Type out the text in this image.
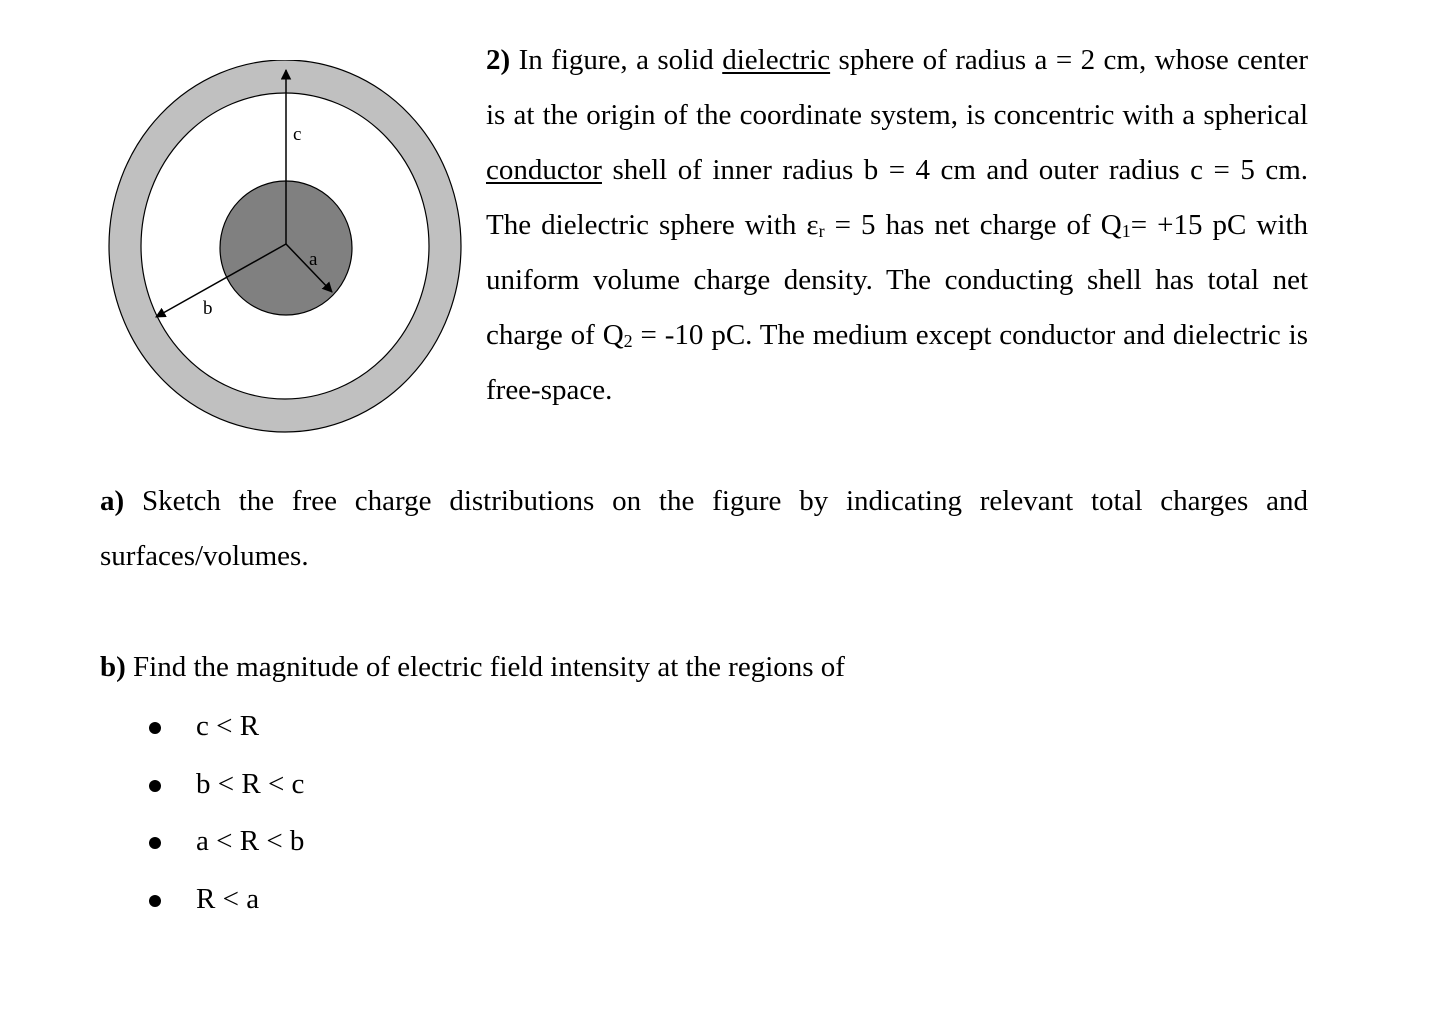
c
a
b
2) In figure, a solid dielectric sphere of radius a = 2 cm, whose center is at the origin of the coordinate system, is concentric with a spherical conductor shell of inner radius b = 4 cm and outer radius c = 5 cm. The dielectric sphere with $\varepsilon_r = 5$ has net charge of $Q_1= +15$ pC with uniform volume charge density. The conducting shell has total net charge of $Q_2 = -10$ pC. The medium except conductor and dielectric is free-space.
a) Sketch the free charge distributions on the figure by indicating relevant total charges and surfaces/volumes.
b) Find the magnitude of electric field intensity at the regions of
c < R
b < R < c
a < R < b
R < a
